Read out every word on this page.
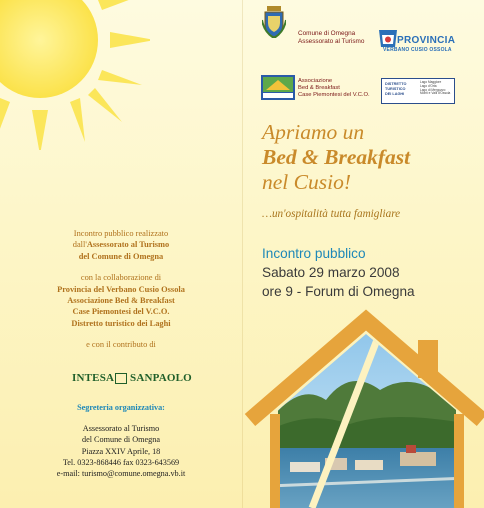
Incontro pubblico realizzato

dall'Assessorato al Turismo

del Comune di Omegna

con la collaborazione di

Provincia del Verbano Cusio Ossola

Associazione Bed & Breakfast

Case Piemontesi del V.C.O.

Distretto turistico dei Laghi

e con il contributo di

INTESA SANPAOLO

Segreteria organizzativa:

Assessorato al Turismo

del Comune di Omegna

Piazza XXIV Aprile, 18

Tel. 0323-868446 fax 0323-643569

e-mail: turismo@comune.omegna.vb.it

Comune di Omegna
Assessorato al Turismo	PROVINCIA
VERBANO CUSIO OSSOLA
Associazione
Bed & Breakfast
Case Piemontesi del V.C.O.
DISTRETTO
TURISTICO
DEI LAGHI
Lago Maggiore
Lago d'Orta
Lago di Mergozzo
Monti e Valli d'Ossola
Apriamo un
Bed & Breakfast
nel Cusio!
…un'ospitalità tutta famigliare
Incontro pubblico
Sabato 29 marzo 2008
ore 9 - Forum di Omegna
